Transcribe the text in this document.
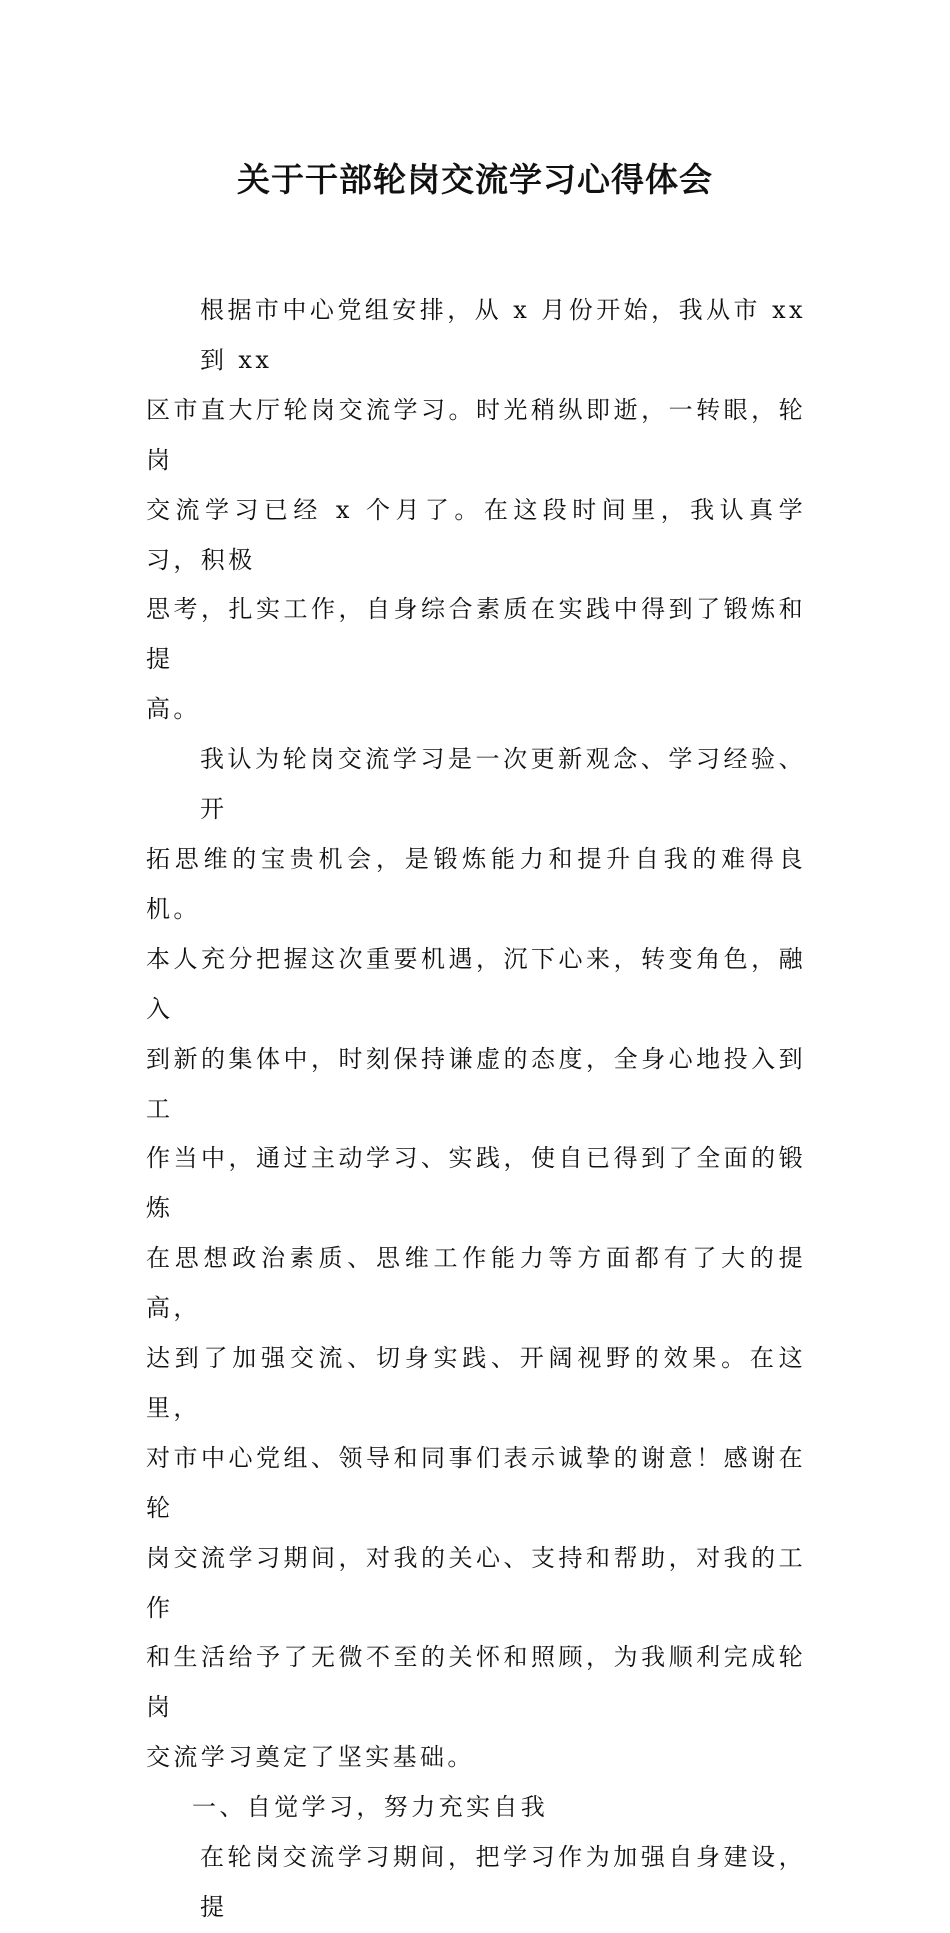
关于干部轮岗交流学习心得体会

根据市中心党组安排，从 x 月份开始，我从市 xx 到 xx
区市直大厅轮岗交流学习。时光稍纵即逝，一转眼，轮岗
交流学习已经 x 个月了。在这段时间里，我认真学习，积极
思考，扎实工作，自身综合素质在实践中得到了锻炼和提
高。

我认为轮岗交流学习是一次更新观念、学习经验、开
拓思维的宝贵机会，是锻炼能力和提升自我的难得良机。
本人充分把握这次重要机遇，沉下心来，转变角色，融入
到新的集体中，时刻保持谦虚的态度，全身心地投入到工
作当中，通过主动学习、实践，使自已得到了全面的锻炼
在思想政治素质、思维工作能力等方面都有了大的提高，
达到了加强交流、切身实践、开阔视野的效果。在这里，
对市中心党组、领导和同事们表示诚挚的谢意！感谢在轮
岗交流学习期间，对我的关心、支持和帮助，对我的工作
和生活给予了无微不至的关怀和照顾，为我顺利完成轮岗
交流学习奠定了坚实基础。

一、自觉学习，努力充实自我

在轮岗交流学习期间，把学习作为加强自身建设，提
